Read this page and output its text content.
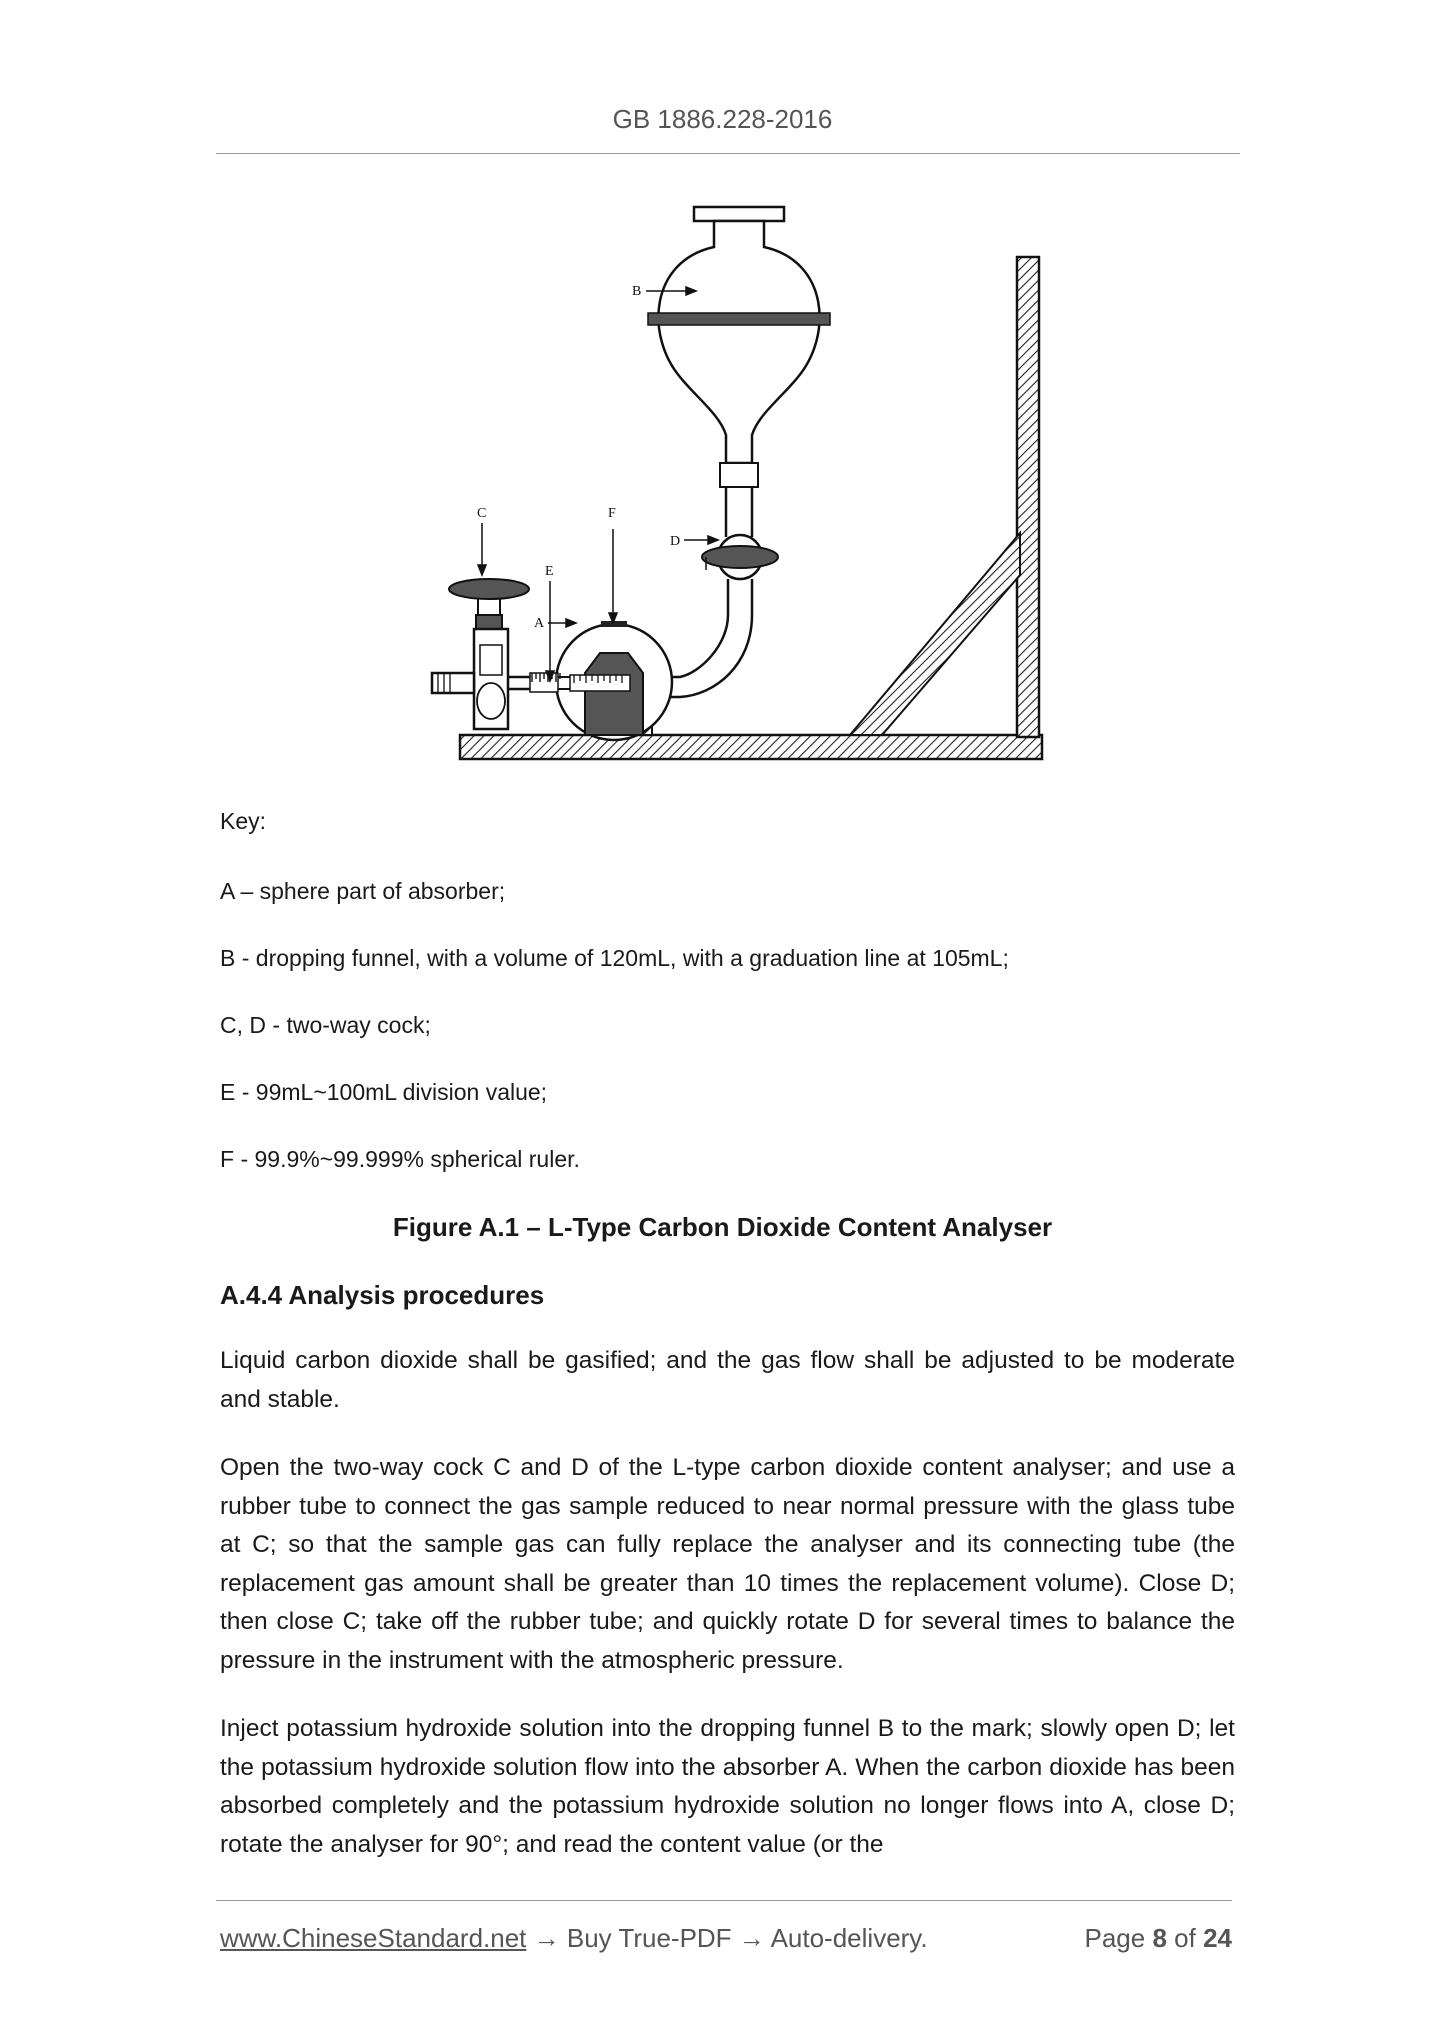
GB 1886.228-2016
B
C	F
D
E
A
Key:
A – sphere part of absorber;
B - dropping funnel, with a volume of 120mL, with a graduation line at 105mL;
C, D - two-way cock;
E - 99mL~100mL division value;
F - 99.9%~99.999% spherical ruler.
Figure A.1 – L-Type Carbon Dioxide Content Analyser
A.4.4 Analysis procedures
Liquid carbon dioxide shall be gasified; and the gas flow shall be adjusted to be moderate and stable.
Open the two-way cock C and D of the L-type carbon dioxide content analyser; and use a rubber tube to connect the gas sample reduced to near normal pressure with the glass tube at C; so that the sample gas can fully replace the analyser and its connecting tube (the replacement gas amount shall be greater than 10 times the replacement volume). Close D; then close C; take off the rubber tube; and quickly rotate D for several times to balance the pressure in the instrument with the atmospheric pressure.
Inject potassium hydroxide solution into the dropping funnel B to the mark; slowly open D; let the potassium hydroxide solution flow into the absorber A. When the carbon dioxide has been absorbed completely and the potassium hydroxide solution no longer flows into A, close D; rotate the analyser for 90°; and read the content value (or the
www.ChineseStandard.net → Buy True-PDF → Auto-delivery.	Page 8 of 24
